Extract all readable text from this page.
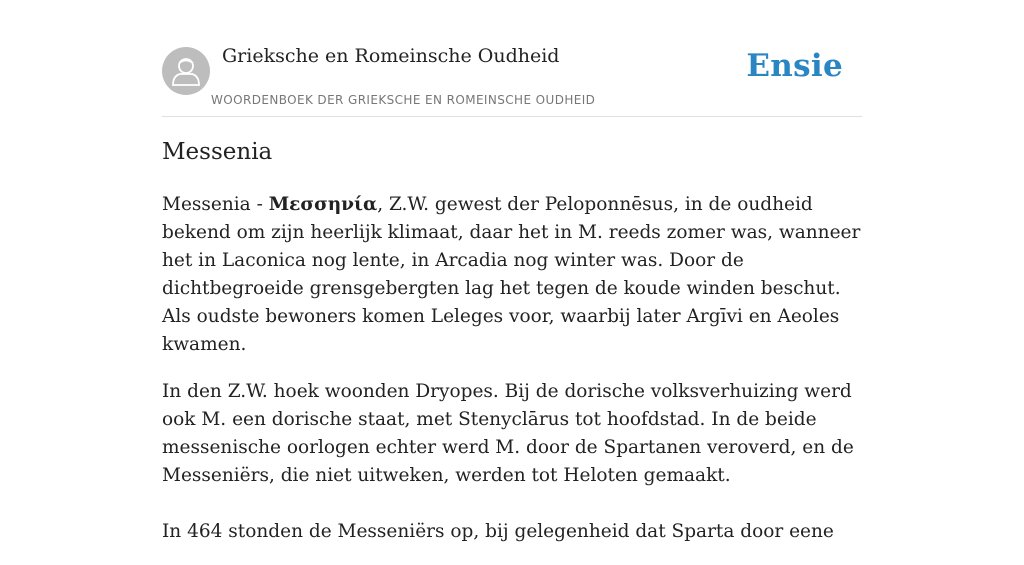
Grieksche en Romeinsche Oudheid
WOORDENBOEK DER GRIEKSCHE EN ROMEINSCHE OUDHEID
Ensie
Messenia

Messenia - Μεσσηνία, Z.W. gewest der Peloponnēsus, in de oudheid bekend om zijn heerlijk klimaat, daar het in M. reeds zomer was, wanneer het in Laconica nog lente, in Arcadia nog winter was. Door de dichtbegroeide grensgebergten lag het tegen de koude winden beschut. Als oudste bewoners komen Leleges voor, waarbij later Argīvi en Aeoles kwamen.

In den Z.W. hoek woonden Dryopes. Bij de dorische volksverhuizing werd ook M. een dorische staat, met Stenyclārus tot hoofdstad. In de beide messenische oorlogen echter werd M. door de Spartanen veroverd, en de Messeniërs, die niet uitweken, werden tot Heloten gemaakt.

In 464 stonden de Messeniërs op, bij gelegenheid dat Sparta door eene
